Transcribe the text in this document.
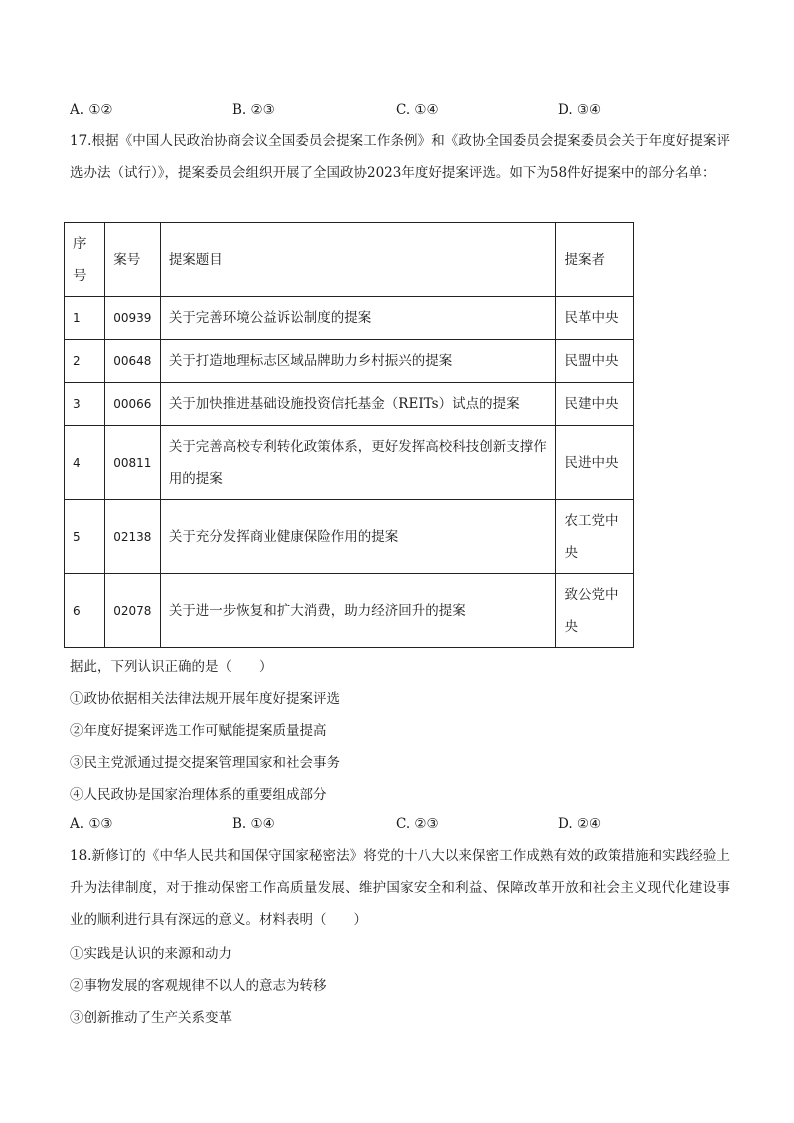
A. ①②	B. ②③	C. ①④	D. ③④
17.根据《中国人民政治协商会议全国委员会提案工作条例》和《政协全国委员会提案委员会关于年度好提案评选办法（试行）》，提案委员会组织开展了全国政协2023年度好提案评选。如下为58件好提案中的部分名单：
序号	案号	提案题目	提案者
1	00939	关于完善环境公益诉讼制度的提案	民革中央
2	00648	关于打造地理标志区域品牌助力乡村振兴的提案	民盟中央
3	00066	关于加快推进基础设施投资信托基金（REITs）试点的提案	民建中央
4	00811	关于完善高校专利转化政策体系，更好发挥高校科技创新支撑作用的提案	民进中央
5	02138	关于充分发挥商业健康保险作用的提案	农工党中央
6	02078	关于进一步恢复和扩大消费，助力经济回升的提案	致公党中央
据此，下列认识正确的是（　　）
①政协依据相关法律法规开展年度好提案评选
②年度好提案评选工作可赋能提案质量提高
③民主党派通过提交提案管理国家和社会事务
④人民政协是国家治理体系的重要组成部分
A. ①③	B. ①④	C. ②③	D. ②④
18.新修订的《中华人民共和国保守国家秘密法》将党的十八大以来保密工作成熟有效的政策措施和实践经验上升为法律制度，对于推动保密工作高质量发展、维护国家安全和利益、保障改革开放和社会主义现代化建设事业的顺利进行具有深远的意义。材料表明（　　）
①实践是认识的来源和动力
②事物发展的客观规律不以人的意志为转移
③创新推动了生产关系变革
